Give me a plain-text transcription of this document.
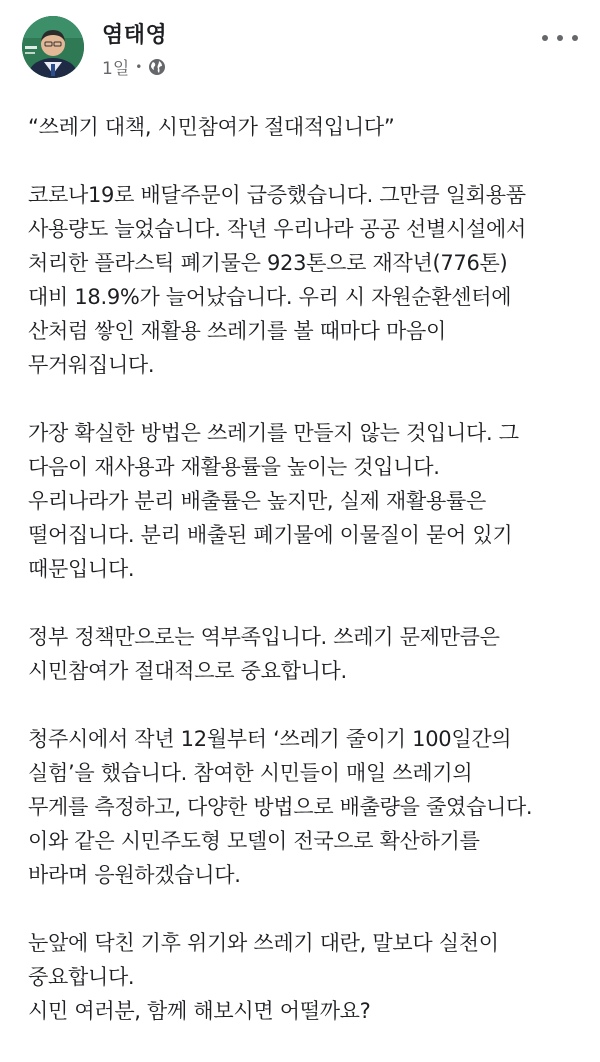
염태영
1일 •

“쓰레기 대책, 시민참여가 절대적입니다”

코로나19로 배달주문이 급증했습니다. 그만큼 일회용품
사용량도 늘었습니다. 작년 우리나라 공공 선별시설에서
처리한 플라스틱 폐기물은 923톤으로 재작년(776톤)
대비 18.9%가 늘어났습니다. 우리 시 자원순환센터에
산처럼 쌓인 재활용 쓰레기를 볼 때마다 마음이
무거워집니다.

가장 확실한 방법은 쓰레기를 만들지 않는 것입니다. 그
다음이 재사용과 재활용률을 높이는 것입니다.
우리나라가 분리 배출률은 높지만, 실제 재활용률은
떨어집니다. 분리 배출된 폐기물에 이물질이 묻어 있기
때문입니다.

정부 정책만으로는 역부족입니다. 쓰레기 문제만큼은
시민참여가 절대적으로 중요합니다.

청주시에서 작년 12월부터 ‘쓰레기 줄이기 100일간의
실험’을 했습니다. 참여한 시민들이 매일 쓰레기의
무게를 측정하고, 다양한 방법으로 배출량을 줄였습니다.
이와 같은 시민주도형 모델이 전국으로 확산하기를
바라며 응원하겠습니다.

눈앞에 닥친 기후 위기와 쓰레기 대란, 말보다 실천이
중요합니다.
시민 여러분, 함께 해보시면 어떨까요?
